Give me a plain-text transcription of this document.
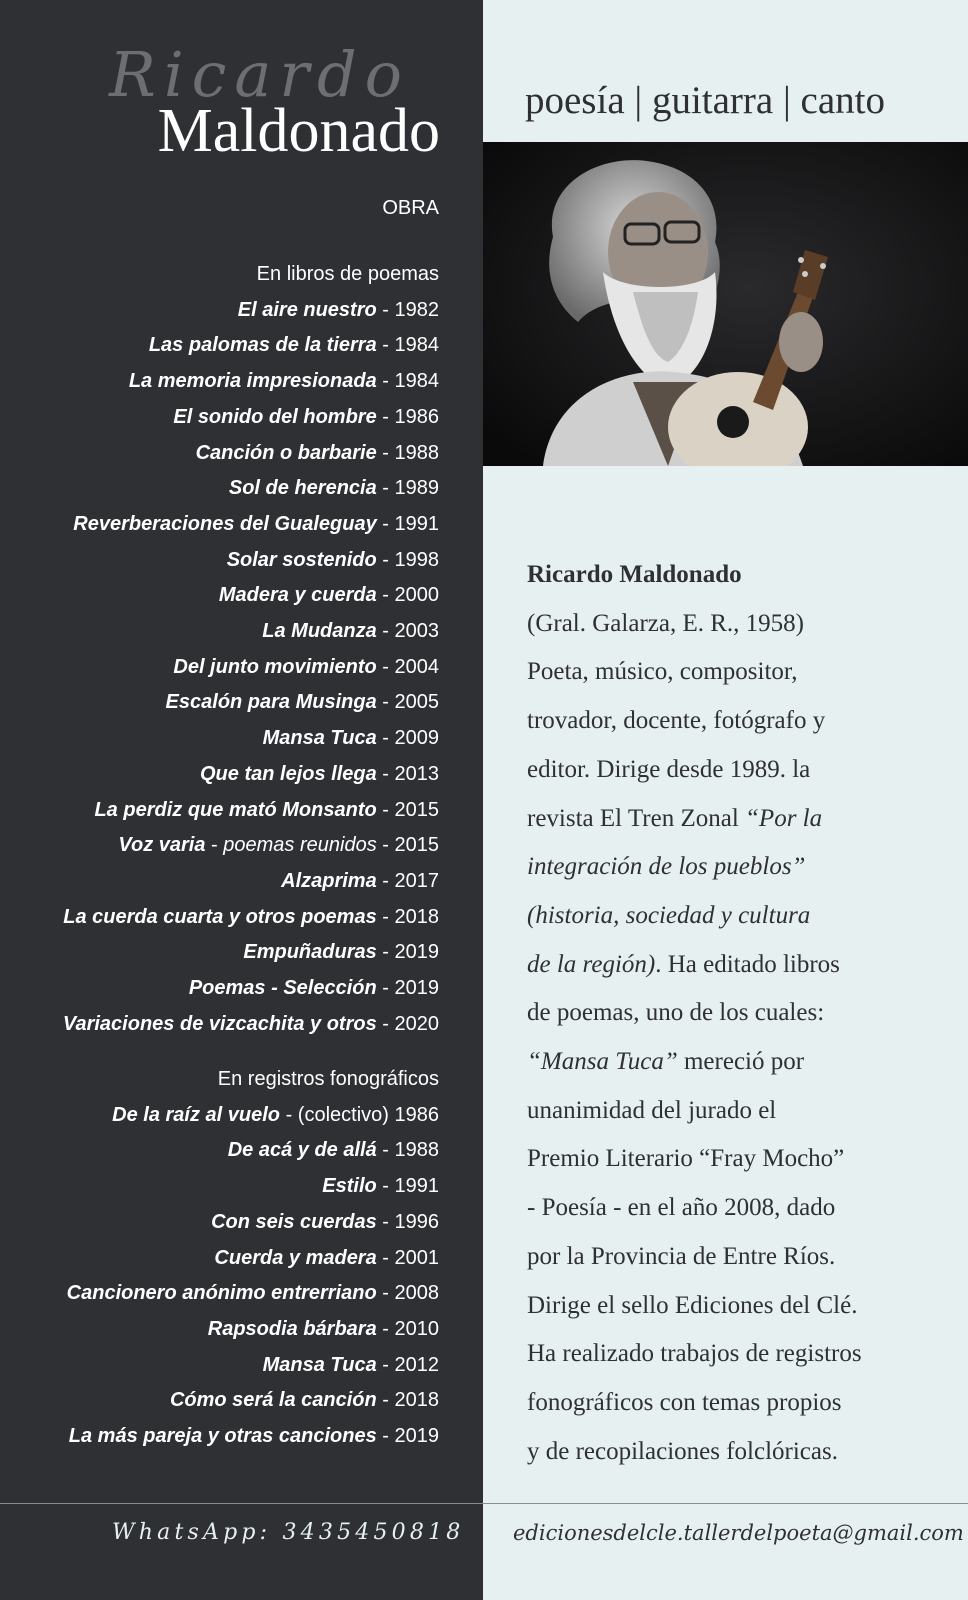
Ricardo
Maldonado poesía | guitarra | canto
OBRA
En libros de poemas
El aire nuestro - 1982
Las palomas de la tierra - 1984
La memoria impresionada - 1984
El sonido del hombre - 1986
Canción o barbarie - 1988
Sol de herencia - 1989
Reverberaciones del Gualeguay - 1991
Solar sostenido - 1998
Madera y cuerda - 2000
La Mudanza - 2003
Del junto movimiento - 2004
Escalón para Musinga - 2005
Mansa Tuca - 2009
Que tan lejos llega - 2013
La perdiz que mató Monsanto - 2015
Voz varia - poemas reunidos - 2015
Alzaprima - 2017
La cuerda cuarta y otros poemas - 2018
Empuñaduras - 2019
Poemas - Selección - 2019
Variaciones de vizcachita y otros - 2020
En registros fonográficos
De la raíz al vuelo - (colectivo) 1986
De acá y de allá - 1988
Estilo - 1991
Con seis cuerdas - 1996
Cuerda y madera - 2001
Cancionero anónimo entrerriano - 2008
Rapsodia bárbara - 2010
Mansa Tuca - 2012
Cómo será la canción - 2018
La más pareja y otras canciones - 2019
Ricardo Maldonado
(Gral. Galarza, E. R., 1958)
Poeta, músico, compositor,
trovador, docente, fotógrafo y
editor. Dirige desde 1989. la
revista El Tren Zonal “Por la
integración de los pueblos”
(historia, sociedad y cultura
de la región). Ha editado libros
de poemas, uno de los cuales:
“Mansa Tuca” mereció por
unanimidad del jurado el
Premio Literario “Fray Mocho”
- Poesía - en el año 2008, dado
por la Provincia de Entre Ríos.
Dirige el sello Ediciones del Clé.
Ha realizado trabajos de registros
fonográficos con temas propios
y de recopilaciones folclóricas.
WhatsApp: 3435450818 edicionesdelcle.tallerdelpoeta@gmail.com
